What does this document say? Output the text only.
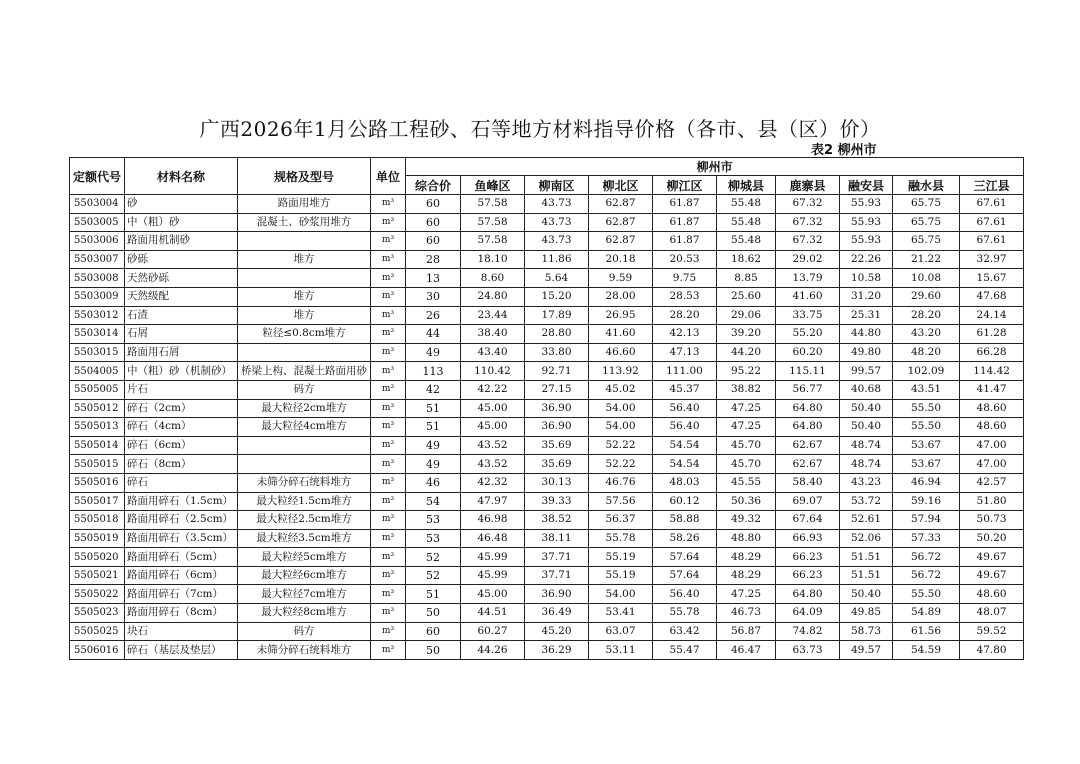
广西2026年1月公路工程砂、石等地方材料指导价格（各市、县（区）价）
表2 柳州市
定额代号	材料名称	规格及型号	单位	柳州市									
				综合价	鱼峰区	柳南区	柳北区	柳江区	柳城县	鹿寨县	融安县	融水县	三江县
5503004	砂	路面用堆方	m³	60	57.58	43.73	62.87	61.87	55.48	67.32	55.93	65.75	67.61
5503005	中（粗）砂	混凝土、砂浆用堆方	m³	60	57.58	43.73	62.87	61.87	55.48	67.32	55.93	65.75	67.61
5503006	路面用机制砂		m³	60	57.58	43.73	62.87	61.87	55.48	67.32	55.93	65.75	67.61
5503007	砂砾	堆方	m³	28	18.10	11.86	20.18	20.53	18.62	29.02	22.26	21.22	32.97
5503008	天然砂砾		m³	13	8.60	5.64	9.59	9.75	8.85	13.79	10.58	10.08	15.67
5503009	天然级配	堆方	m³	30	24.80	15.20	28.00	28.53	25.60	41.60	31.20	29.60	47.68
5503012	石渣	堆方	m³	26	23.44	17.89	26.95	28.20	29.06	33.75	25.31	28.20	24.14
5503014	石屑	粒径≤0.8cm堆方	m³	44	38.40	28.80	41.60	42.13	39.20	55.20	44.80	43.20	61.28
5503015	路面用石屑		m³	49	43.40	33.80	46.60	47.13	44.20	60.20	49.80	48.20	66.28
5504005	中（粗）砂（机制砂）	桥梁上构、混凝土路面用砂	m³	113	110.42	92.71	113.92	111.00	95.22	115.11	99.57	102.09	114.42
5505005	片石	码方	m³	42	42.22	27.15	45.02	45.37	38.82	56.77	40.68	43.51	41.47
5505012	碎石（2cm）	最大粒径2cm堆方	m³	51	45.00	36.90	54.00	56.40	47.25	64.80	50.40	55.50	48.60
5505013	碎石（4cm）	最大粒径4cm堆方	m³	51	45.00	36.90	54.00	56.40	47.25	64.80	50.40	55.50	48.60
5505014	碎石（6cm）		m³	49	43.52	35.69	52.22	54.54	45.70	62.67	48.74	53.67	47.00
5505015	碎石（8cm）		m³	49	43.52	35.69	52.22	54.54	45.70	62.67	48.74	53.67	47.00
5505016	碎石	未筛分碎石统料堆方	m³	46	42.32	30.13	46.76	48.03	45.55	58.40	43.23	46.94	42.57
5505017	路面用碎石（1.5cm）	最大粒经1.5cm堆方	m³	54	47.97	39.33	57.56	60.12	50.36	69.07	53.72	59.16	51.80
5505018	路面用碎石（2.5cm）	最大粒径2.5cm堆方	m³	53	46.98	38.52	56.37	58.88	49.32	67.64	52.61	57.94	50.73
5505019	路面用碎石（3.5cm）	最大粒经3.5cm堆方	m³	53	46.48	38.11	55.78	58.26	48.80	66.93	52.06	57.33	50.20
5505020	路面用碎石（5cm）	最大粒经5cm堆方	m³	52	45.99	37.71	55.19	57.64	48.29	66.23	51.51	56.72	49.67
5505021	路面用碎石（6cm）	最大粒经6cm堆方	m³	52	45.99	37.71	55.19	57.64	48.29	66.23	51.51	56.72	49.67
5505022	路面用碎石（7cm）	最大粒径7cm堆方	m³	51	45.00	36.90	54.00	56.40	47.25	64.80	50.40	55.50	48.60
5505023	路面用碎石（8cm）	最大粒经8cm堆方	m³	50	44.51	36.49	53.41	55.78	46.73	64.09	49.85	54.89	48.07
5505025	块石	码方	m³	60	60.27	45.20	63.07	63.42	56.87	74.82	58.73	61.56	59.52
5506016	碎石（基层及垫层）	未筛分碎石统料堆方	m³	50	44.26	36.29	53.11	55.47	46.47	63.73	49.57	54.59	47.80
